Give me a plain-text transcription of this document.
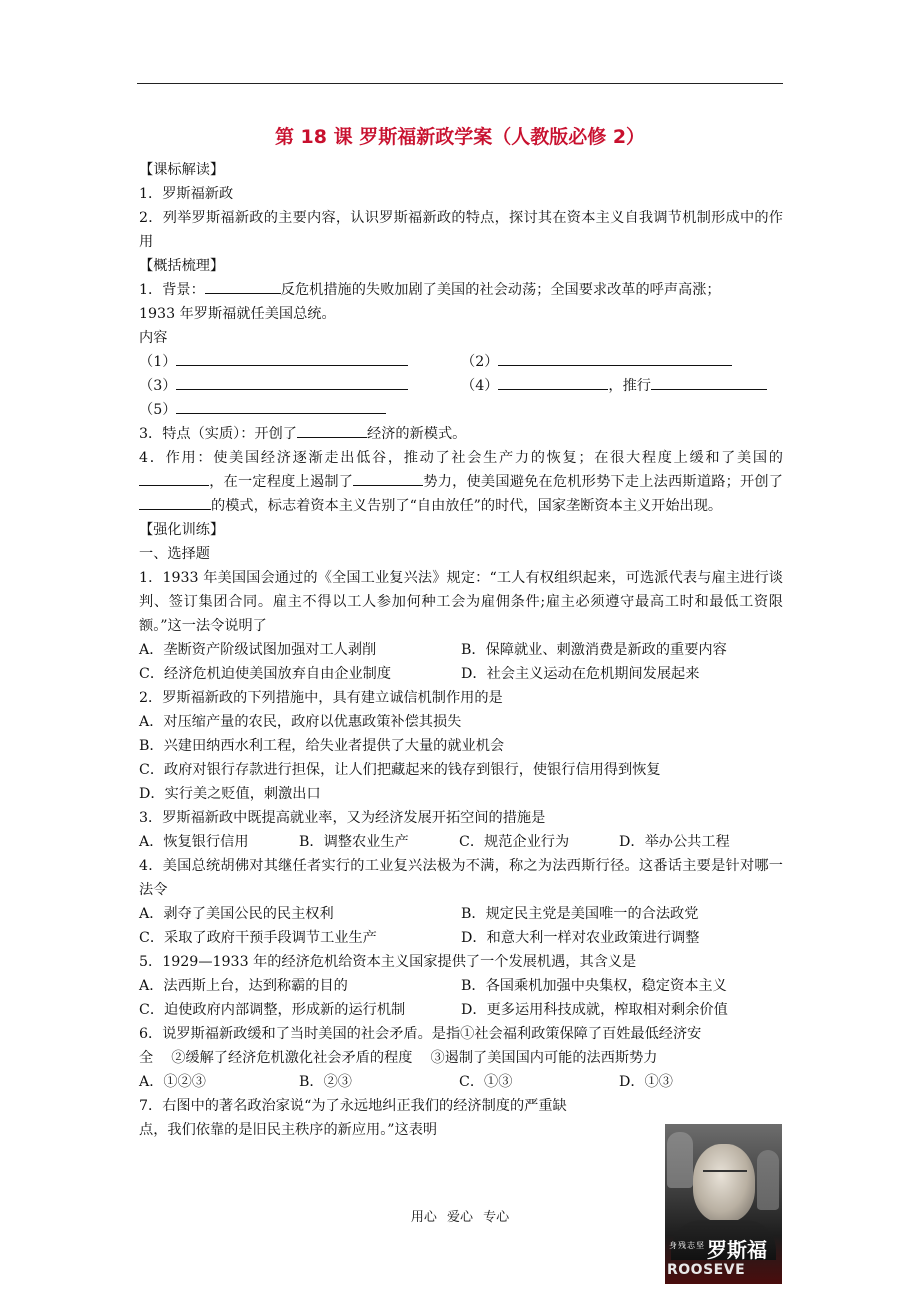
第 18 课 罗斯福新政学案（人教版必修 2）
【课标解读】
1．罗斯福新政
2．列举罗斯福新政的主要内容，认识罗斯福新政的特点，探讨其在资本主义自我调节机制形成中的作用
【概括梳理】
1．背景：	反危机措施的失败加剧了美国的社会动荡；全国要求改革的呼声高涨；
1933 年罗斯福就任美国总统。
内容
（1）	（2）
（3）	（4）	，推行
（5）
3．特点（实质）：开创了	经济的新模式。
4．作用：使美国经济逐渐走出低谷，推动了社会生产力的恢复；在很大程度上缓和了美国的，在一定程度上遏制了	势力，使美国避免在危机形势下走上法西斯道路；开创了的模式，标志着资本主义告别了“自由放任”的时代，国家垄断资本主义开始出现。
【强化训练】
一、选择题
1．1933 年美国国会通过的《全国工业复兴法》规定：“工人有权组织起来，可选派代表与雇主进行谈判、签订集团合同。雇主不得以工人参加何种工会为雇佣条件;雇主必须遵守最高工时和最低工资限额。”这一法令说明了
A．垄断资产阶级试图加强对工人剥削	B．保障就业、刺激消费是新政的重要内容
C．经济危机迫使美国放弃自由企业制度	D．社会主义运动在危机期间发展起来
2．罗斯福新政的下列措施中，具有建立诚信机制作用的是
A．对压缩产量的农民，政府以优惠政策补偿其损失
B．兴建田纳西水利工程，给失业者提供了大量的就业机会
C．政府对银行存款进行担保，让人们把藏起来的钱存到银行，使银行信用得到恢复
D．实行美之贬值，刺激出口
3．罗斯福新政中既提高就业率，又为经济发展开拓空间的措施是
A．恢复银行信用	B．调整农业生产	C．规范企业行为	D．举办公共工程
4．美国总统胡佛对其继任者实行的工业复兴法极为不满，称之为法西斯行径。这番话主要是针对哪一法令
A．剥夺了美国公民的民主权利	B．规定民主党是美国唯一的合法政党
C．采取了政府干预手段调节工业生产	D．和意大利一样对农业政策进行调整
5．1929—1933 年的经济危机给资本主义国家提供了一个发展机遇，其含义是
A．法西斯上台，达到称霸的目的	B．各国乘机加强中央集权，稳定资本主义
C．迫使政府内部调整，形成新的运行机制	D．更多运用科技成就，榨取相对剩余价值
6．说罗斯福新政缓和了当时美国的社会矛盾。是指①社会福利政策保障了百姓最低经济安
全    ②缓解了经济危机激化社会矛盾的程度    ③遏制了美国国内可能的法西斯势力
A．①②③	B．②③	C．①③	D．①③
7．右图中的著名政治家说“为了永远地纠正我们的经济制度的严重缺
点，我们依靠的是旧民主秩序的新应用。”这表明
身残志坚 罗斯福
ROOSEVE
用心 爱心 专心
